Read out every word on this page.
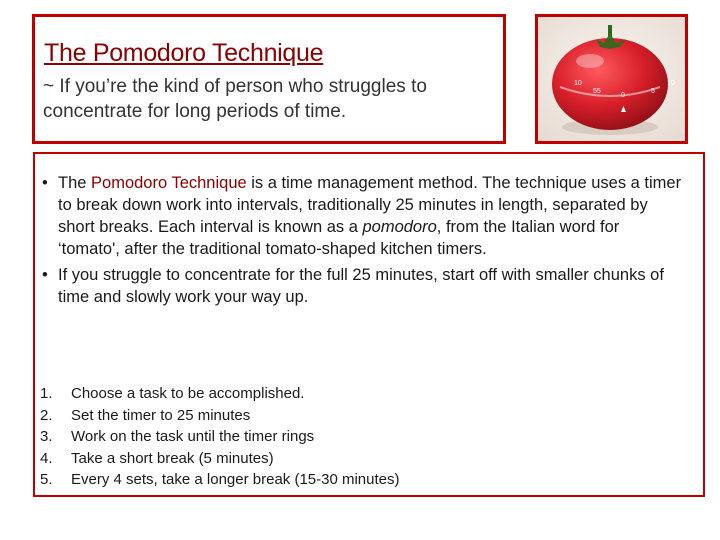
The Pomodoro Technique

~ If you’re the kind of person who struggles to concentrate for long periods of time.

10
55
0
5
10
• The Pomodoro Technique is a time management method. The technique uses a timer to break down work into intervals, traditionally 25 minutes in length, separated by short breaks. Each interval is known as a pomodoro, from the Italian word for ‘tomato', after the traditional tomato-shaped kitchen timers.
• If you struggle to concentrate for the full 25 minutes, start off with smaller chunks of time and slowly work your way up.
1. Choose a task to be accomplished.
2. Set the timer to 25 minutes
3. Work on the task until the timer rings
4. Take a short break (5 minutes)
5. Every 4 sets, take a longer break (15-30 minutes)
